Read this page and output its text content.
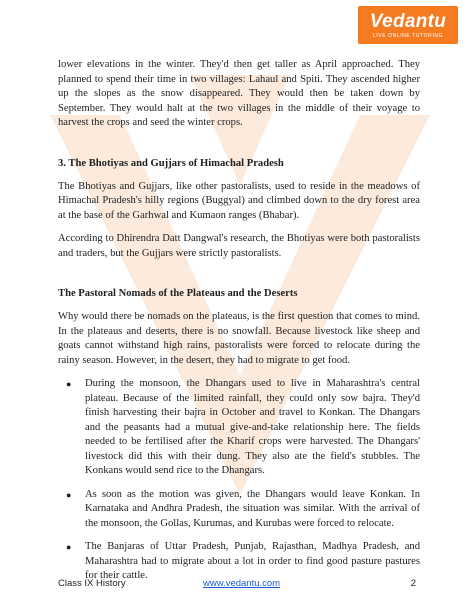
Vedantu
LIVE ONLINE TUTORING

lower elevations in the winter. They'd then get taller as April approached. They planned to spend their time in two villages: Lahaul and Spiti. They ascended higher up the slopes as the snow disappeared. They would then be taken down by September. They would halt at the two villages in the middle of their voyage to harvest the crops and seed the winter crops.

3. The Bhotiyas and Gujjars of Himachal Pradesh

The Bhotiyas and Gujjars, like other pastoralists, used to reside in the meadows of Himachal Pradesh's hilly regions (Buggyal) and climbed down to the dry forest area at the base of the Garhwal and Kumaon ranges (Bhabar).

According to Dhirendra Datt Dangwal's research, the Bhotiyas were both pastoralists and traders, but the Gujjars were strictly pastoralists.

The Pastoral Nomads of the Plateaus and the Deserts

Why would there be nomads on the plateaus, is the first question that comes to mind. In the plateaus and deserts, there is no snowfall. Because livestock like sheep and goats cannot withstand high rains, pastoralists were forced to relocate during the rainy season. However, in the desert, they had to migrate to get food.

● During the monsoon, the Dhangars used to live in Maharashtra's central plateau. Because of the limited rainfall, they could only sow bajra. They'd finish harvesting their bajra in October and travel to Konkan. The Dhangars and the peasants had a mutual give-and-take relationship here. The fields needed to be fertilised after the Kharif crops were harvested. The Dhangars' livestock did this with their dung. They also ate the field's stubbles. The Konkans would send rice to the Dhangars.
● As soon as the motion was given, the Dhangars would leave Konkan. In Karnataka and Andhra Pradesh, the situation was similar. With the arrival of the monsoon, the Gollas, Kurumas, and Kurubas were forced to relocate.
● The Banjaras of Uttar Pradesh, Punjab, Rajasthan, Madhya Pradesh, and Maharashtra had to migrate about a lot in order to find good pasture pastures for their cattle.
Class IX History	www.vedantu.com	2
